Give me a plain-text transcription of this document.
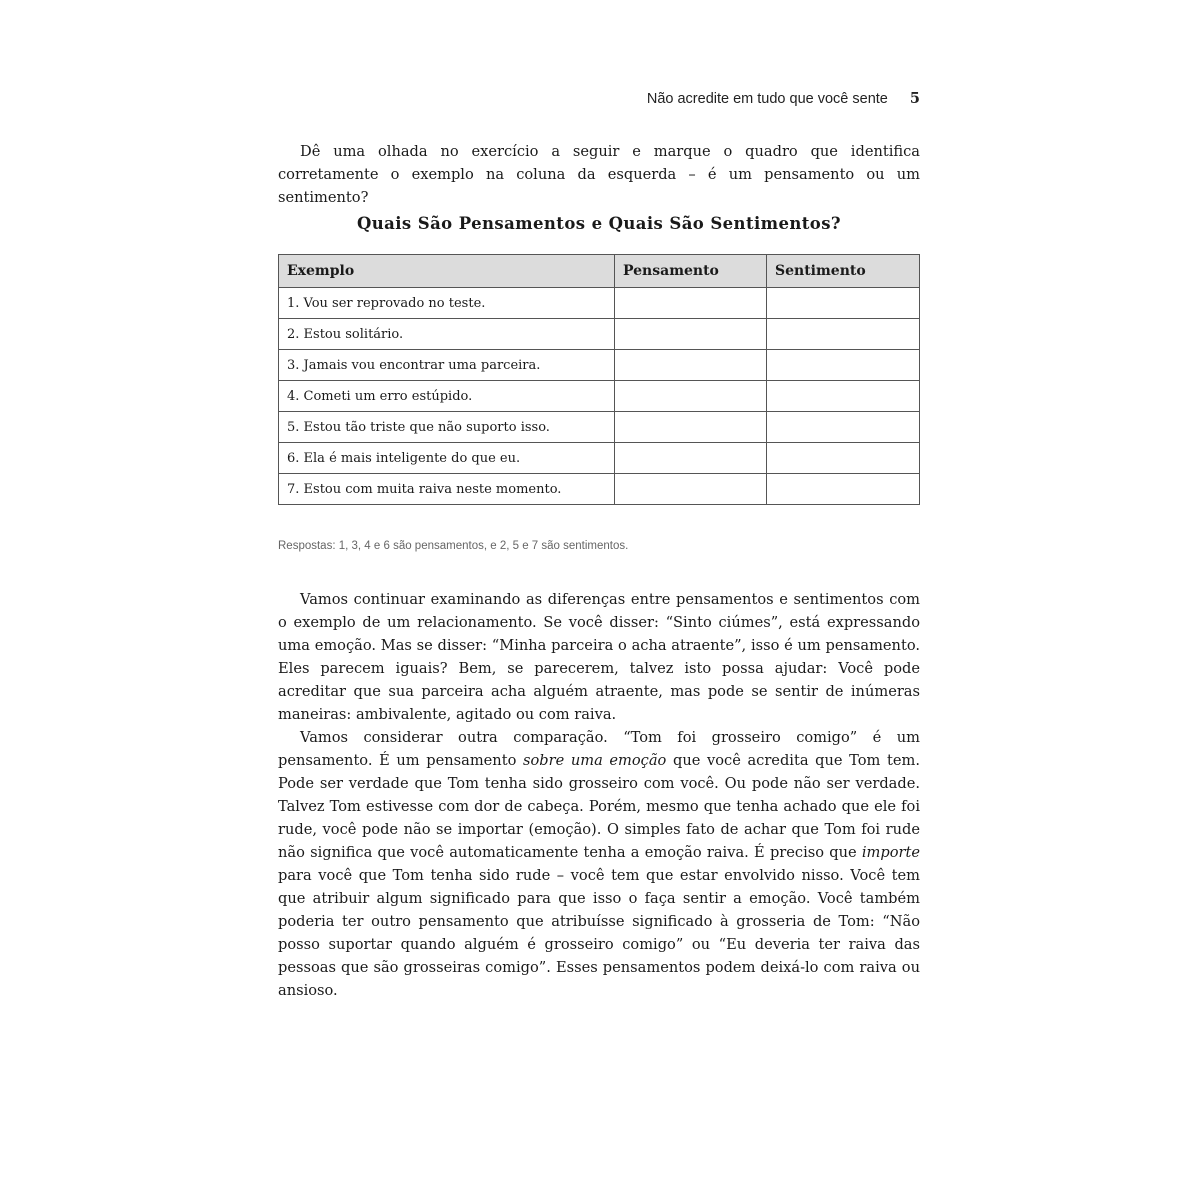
Não acredite em tudo que você sente 5

Dê uma olhada no exercício a seguir e marque o quadro que identifica corretamente o exemplo na coluna da esquerda – é um pensamento ou um sentimento?

Quais São Pensamentos e Quais São Sentimentos?
Exemplo	Pensamento	Sentimento
1. Vou ser reprovado no teste.		
2. Estou solitário.		
3. Jamais vou encontrar uma parceira.		
4. Cometi um erro estúpido.		
5. Estou tão triste que não suporto isso.		
6. Ela é mais inteligente do que eu.		
7. Estou com muita raiva neste momento.		
Respostas: 1, 3, 4 e 6 são pensamentos, e 2, 5 e 7 são sentimentos.

Vamos continuar examinando as diferenças entre pensamentos e sentimentos com o exemplo de um relacionamento. Se você disser: “Sinto ciúmes”, está expressando uma emoção. Mas se disser: “Minha parceira o acha atraente”, isso é um pensamento. Eles parecem iguais? Bem, se parecerem, talvez isto possa ajudar: Você pode acreditar que sua parceira acha alguém atraente, mas pode se sentir de inúmeras maneiras: ambivalente, agitado ou com raiva.

Vamos considerar outra comparação. “Tom foi grosseiro comigo” é um pensamento. É um pensamento sobre uma emoção que você acredita que Tom tem. Pode ser verdade que Tom tenha sido grosseiro com você. Ou pode não ser verdade. Talvez Tom estivesse com dor de cabeça. Porém, mesmo que tenha achado que ele foi rude, você pode não se importar (emoção). O simples fato de achar que Tom foi rude não significa que você automaticamente tenha a emoção raiva. É preciso que importe para você que Tom tenha sido rude – você tem que estar envolvido nisso. Você tem que atribuir algum significado para que isso o faça sentir a emoção. Você também poderia ter outro pensamento que atribuísse significado à grosseria de Tom: “Não posso suportar quando alguém é grosseiro comigo” ou “Eu deveria ter raiva das pessoas que são grosseiras comigo”. Esses pensamentos podem deixá-lo com raiva ou ansioso.
